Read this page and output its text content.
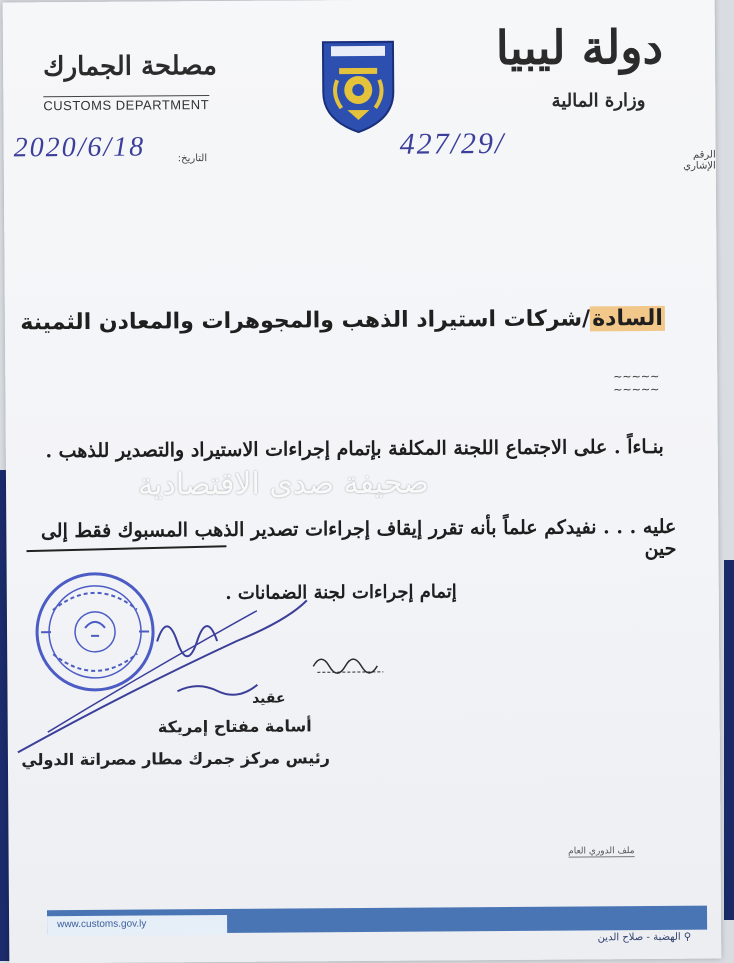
دولة ليبيا
وزارة المالية
مصلحة الجمارك
CUSTOMS DEPARTMENT
الرقم الإشاري
427/29/
التاريخ:
2020/6/18
السادة/شركات استيراد الذهب والمجوهرات والمعادن الثمينة
~~~~~
~~~~~
بنـاءاً . على الاجتماع اللجنة المكلفة بإتمام إجراءات الاستيراد والتصدير للذهب .
صحيفة صدى الاقتصادية
عليه . . . نفيدكم علماً بأنه تقرر إيقاف إجراءات تصدير الذهب المسبوك فقط إلى حين
إتمام إجراءات لجنة الضمانات .
عقيد
أسامة مفتاح إمريكة
رئيس مركز جمرك مطار مصراتة الدولي
ملف الدوري العام
www.customs.gov.ly
⚲ الهضبة - صلاح الدين
